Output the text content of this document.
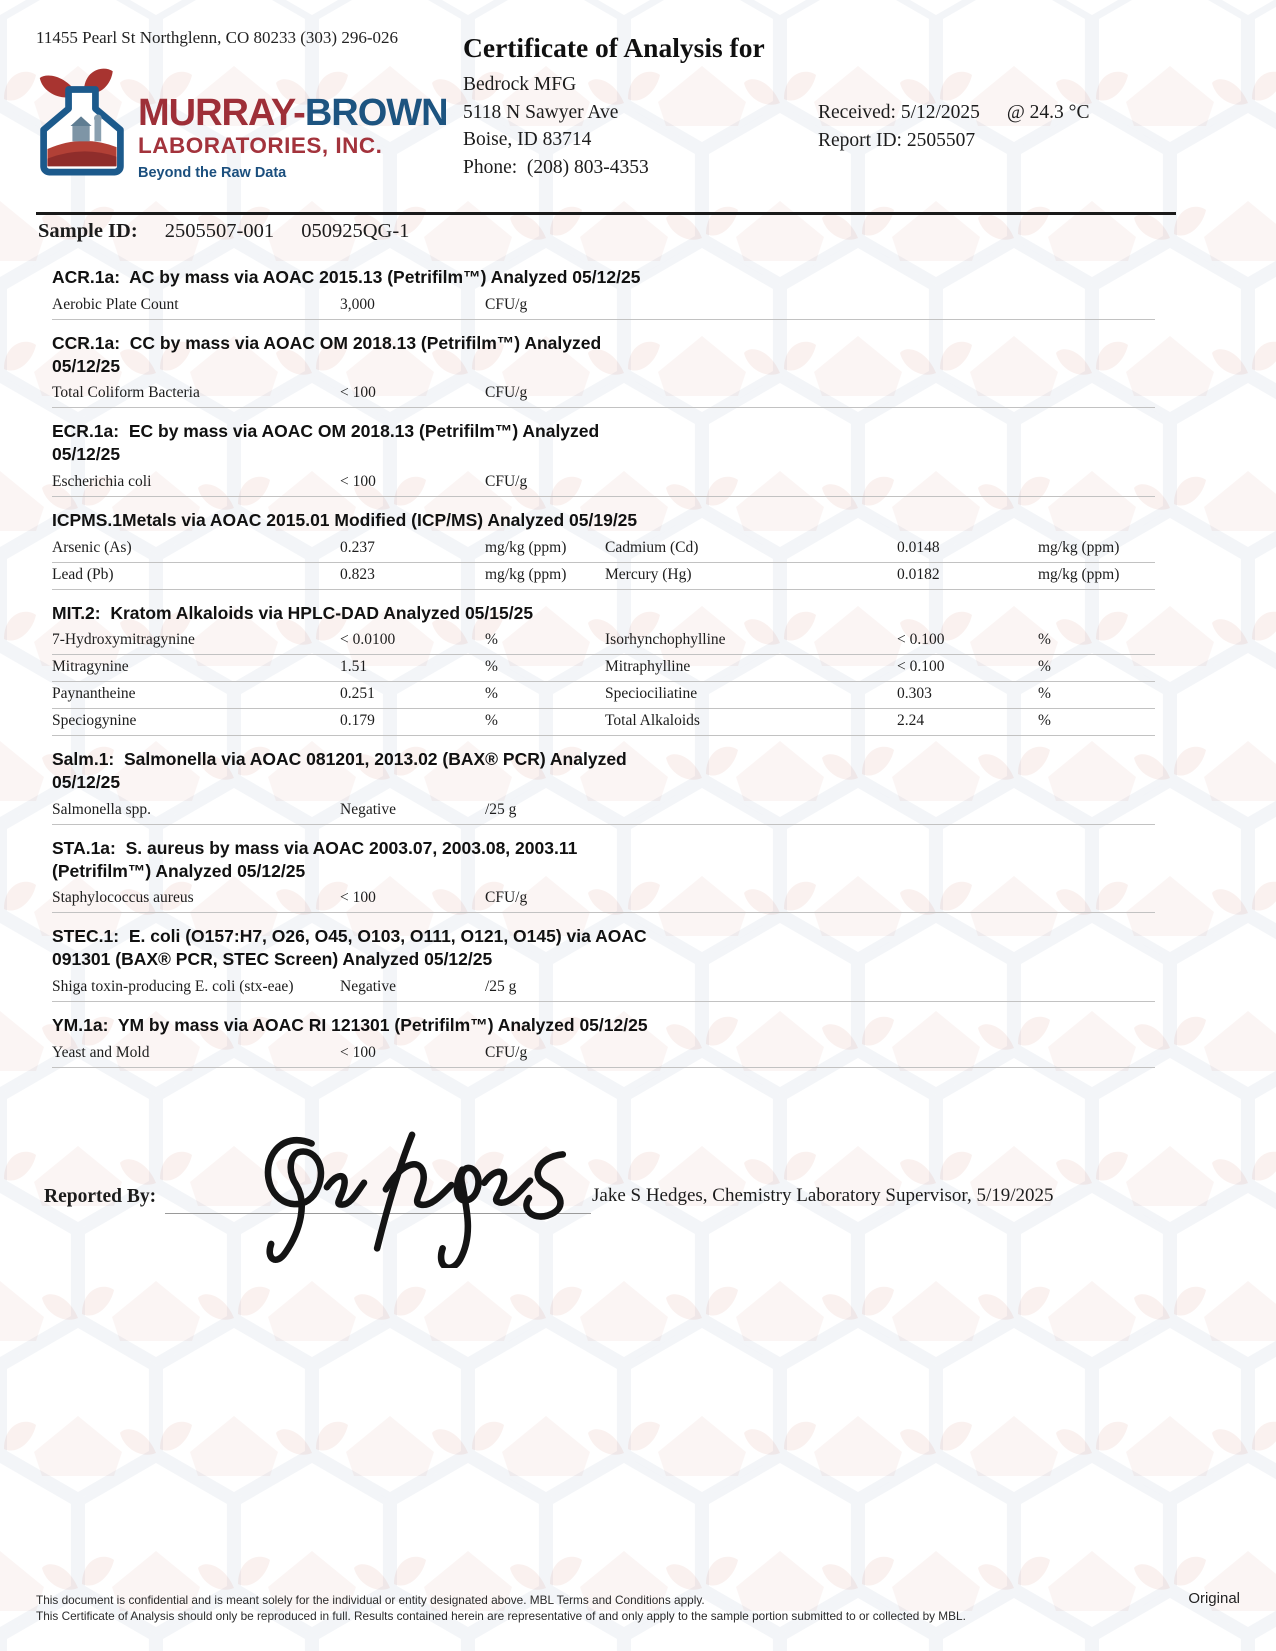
11455 Pearl St Northglenn, CO 80233 (303) 296-026
MURRAY-BROWN
LABORATORIES, INC.
Beyond the Raw Data
Certificate of Analysis for
Bedrock MFG
5118 N Sawyer Ave
Boise, ID 83714
Phone:  (208) 803-4353
Received: 5/12/2025 @ 24.3 °C
Report ID: 2505507
Sample ID: 2505507-001 050925QG-1
ACR.1a:  AC by mass via AOAC 2015.13 (Petrifilm™) Analyzed 05/12/25
Aerobic Plate Count	3,000	CFU/g
CCR.1a:  CC by mass via AOAC OM 2018.13 (Petrifilm™) Analyzed 05/12/25
Total Coliform Bacteria	< 100	CFU/g
ECR.1a:  EC by mass via AOAC OM 2018.13 (Petrifilm™) Analyzed 05/12/25
Escherichia coli	< 100	CFU/g
ICPMS.1Metals via AOAC 2015.01 Modified (ICP/MS) Analyzed 05/19/25
Arsenic (As)	0.237	mg/kg (ppm)	Cadmium (Cd)	0.0148	mg/kg (ppm)
Lead (Pb)	0.823	mg/kg (ppm)	Mercury (Hg)	0.0182	mg/kg (ppm)
MIT.2:  Kratom Alkaloids via HPLC-DAD Analyzed 05/15/25
7-Hydroxymitragynine	< 0.0100	%	Isorhynchophylline	< 0.100	%
Mitragynine	1.51	%	Mitraphylline	< 0.100	%
Paynantheine	0.251	%	Speciociliatine	0.303	%
Speciogynine	0.179	%	Total Alkaloids	2.24	%
Salm.1:  Salmonella via AOAC 081201, 2013.02 (BAX® PCR) Analyzed 05/12/25
Salmonella spp.	Negative	/25 g
STA.1a:  S. aureus by mass via AOAC 2003.07, 2003.08, 2003.11 (Petrifilm™) Analyzed 05/12/25
Staphylococcus aureus	< 100	CFU/g
STEC.1:  E. coli (O157:H7, O26, O45, O103, O111, O121, O145) via AOAC 091301 (BAX® PCR, STEC Screen) Analyzed 05/12/25
Shiga toxin-producing E. coli (stx-eae)	Negative	/25 g
YM.1a:  YM by mass via AOAC RI 121301 (Petrifilm™) Analyzed 05/12/25
Yeast and Mold	< 100	CFU/g
Reported By:	Jake S Hedges, Chemistry Laboratory Supervisor, 5/19/2025
This document is confidential and is meant solely for the individual or entity designated above. MBL Terms and Conditions apply.
This Certificate of Analysis should only be reproduced in full. Results contained herein are representative of and only apply to the sample portion submitted to or collected by MBL.
Original
